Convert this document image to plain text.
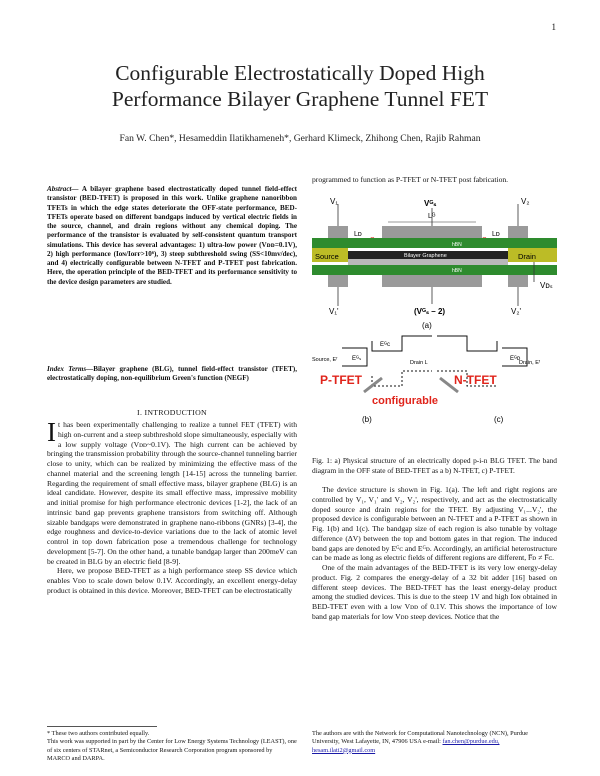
1
Configurable Electrostatically Doped High
Performance Bilayer Graphene Tunnel FET
Fan W. Chen*, Hesameddin Ilatikhameneh*, Gerhard Klimeck, Zhihong Chen, Rajib Rahman
Abstract— A bilayer graphene based electrostatically doped tunnel field-effect transistor (BED-TFET) is proposed in this work. Unlike graphene nanoribbon TFETs in which the edge states deteriorate the OFF-state performance, BED-TFETs operate based on different bandgaps induced by vertical electric fields in the source, channel, and drain regions without any chemical doping. The performance of the transistor is evaluated by self-consistent quantum transport simulations. This device has several advantages: 1) ultra-low power (Vᴅᴅ=0.1V), 2) high performance (Iᴏɴ/Iᴏғғ>10⁶), 3) steep subthreshold swing (SS<10mv/dec), and 4) electrically configurable between N-TFET and P-TFET post fabrication. Here, the operation principle of the BED-TFET and its performance sensitivity to the device design parameters are studied.
Index Terms—Bilayer graphene (BLG), tunnel field-effect transistor (TFET), electrostatically doping, non-equilibrium Green's function (NEGF)
I. INTRODUCTION

It has been experimentally challenging to realize a tunnel FET (TFET) with high on-current and a steep subthreshold slope simultaneously, especially with a low supply voltage (Vᴅᴅ~0.1V). The high current can be achieved by bringing the transmission probability through the source-channel tunneling barrier close to unity, which can be realized by minimizing the effective mass of the channel material and the screening length [14-15] across the tunneling barrier. Regarding the requirement of small effective mass, bilayer graphene (BLG) is an ideal candidate. However, despite its small effective mass, impressive mobility and initial promise for high performance electronic devices [1-2], the lack of an intrinsic band gap prevents graphene transistors from switching off. Although sizable bandgaps were demonstrated in graphene nano-ribbons (GNRs) [3-4], the edge roughness and device-to-device variations due to the lack of atomic level control in top down fabrication pose a tremendous challenge for technology development [5-7]. On the other hand, a tunable bandgap larger than 200meV can be created in BLG by an electric field [8-9].

Here, we propose BED-TFET as a high performance steep SS device which enables Vᴅᴅ to scale down below 0.1V. Accordingly, an excellent energy-delay product is obtained in this device. Moreover, BED-TFET can be electrostatically

programmed to function as P-TFET or N-TFET post fabrication.
V₁	Vᴳₛ	V₂
Lᴳ
Lᴅ	Lᴅ
Source	Drain
Bilayer Graphene
hBN
hBN
Vᴅₛ
V₁'	(Vᴳₛ – 2)	V₂'
(a)
Source, Eᶠ	Drain L	Drain, Eᶠ
Eᴳᴄ
Eᴳₛ	Eᴳᴅ
P-TFET	N-TFET
configurable
(b)	(c)
Fig. 1: a) Physical structure of an electrically doped p-i-n BLG TFET. The band diagram in the OFF state of BED-TFET as a b) N-TFET, c) P-TFET.

The device structure is shown in Fig. 1(a). The left and right regions are controlled by V₁, V₁' and V₂, V₂', respectively, and act as the electrostatically doped source and drain regions for the TFET. By adjusting V₁...V₂', the proposed device is configurable between an N-TFET and a P-TFET as shown in Fig. 1(b) and 1(c). The bandgap size of each region is also tunable by voltage difference (ΔV) between the top and bottom gates in that region. The induced band gaps are denoted by Eᴳᴄ and Eᴳᴅ. Accordingly, an artificial heterostructure can be made as long as electric fields of different regions are different, F̅ᴅ ≠ F̅ᴄ.

One of the main advantages of the BED-TFET is its very low energy-delay product. Fig. 2 compares the energy-delay of a 32 bit adder [16] based on different steep devices. The BED-TFET has the least energy-delay product among the studied devices. This is due to the steep 1V and high Iᴏɴ obtained in BED-TFET even with a low Vᴅᴅ of 0.1V. This shows the importance of low band gap materials for low Vᴅᴅ steep devices. Notice that the

* These two authors contributed equally.
This work was supported in part by the Center for Low Energy Systems Technology (LEAST), one of six centers of STARnet, a Semiconductor Research Corporation program sponsored by MARCO and DARPA.
The authors are with the Network for Computational Nanotechnology (NCN), Purdue University, West Lafayette, IN, 47906 USA e-mail: fan.chen@purdue.edu, hesam.ilati2@gmail.com
